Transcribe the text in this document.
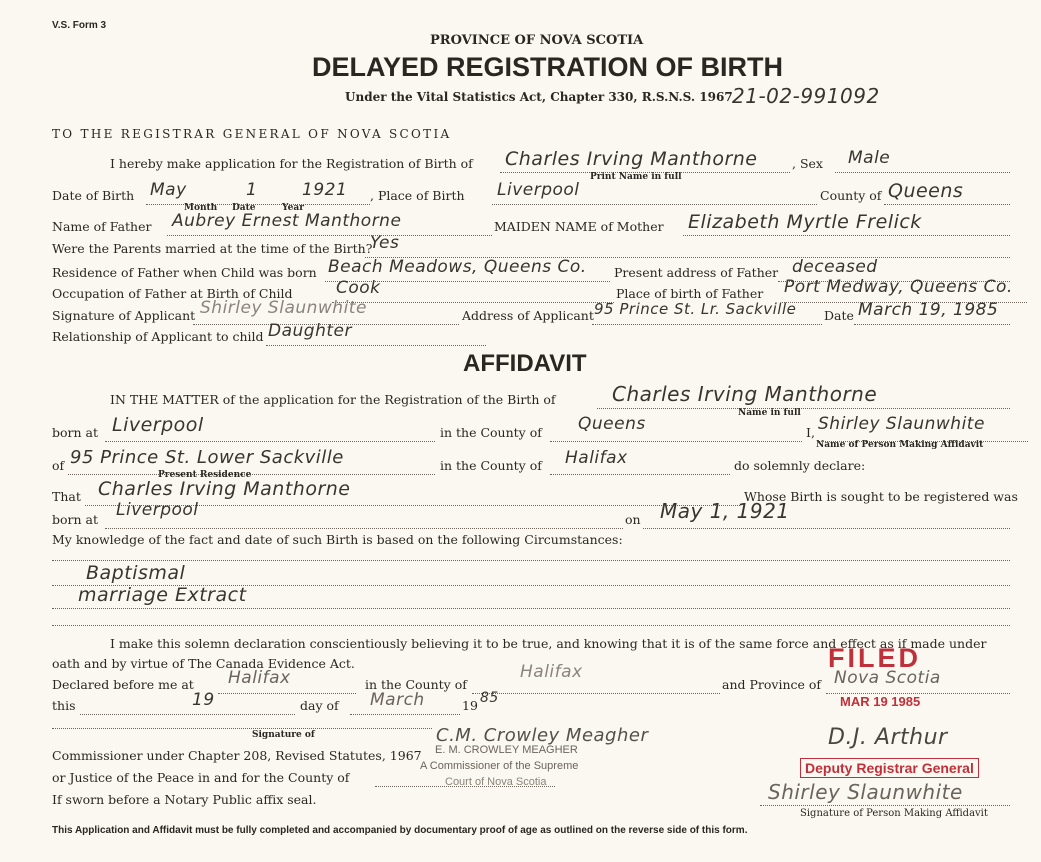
V.S. Form 3
PROVINCE OF NOVA SCOTIA
DELAYED REGISTRATION OF BIRTH
Under the Vital Statistics Act, Chapter 330, R.S.N.S. 1967 21-02-991092
TO THE REGISTRAR GENERAL OF NOVA SCOTIA
I hereby make application for the Registration of Birth of Charles Irving Manthorne
Print Name in full
, Sex Male
Date of Birth May	1	1921
Month Date	Year
, Place of Birth Liverpool	County of Queens
Name of Father Aubrey Ernest Manthorne	MAIDEN NAME of Mother Elizabeth Myrtle Frelick
Were the Parents married at the time of the Birth?
Yes
Residence of Father when Child was born Beach Meadows, Queens Co. Present address of Father deceased
Occupation of Father at Birth of Child	Cook	Place of birth of Father Port Medway, Queens Co.
Signature of Applicant Shirley Slaunwhite	Address of Applicant 95 Prince St. Lr. Sackville Date March 19, 1985
Relationship of Applicant to child Daughter
AFFIDAVIT
IN THE MATTER of the application for the Registration of the Birth of	Charles Irving Manthorne
Name in full
born at Liverpool	in the County of Queens	I, Shirley Slaunwhite
Name of Person Making Affidavit
of 95 Prince St. Lower Sackville
Present Residence
in the County of Halifax	do solemnly declare:
That Charles Irving Manthorne	Whose Birth is sought to be registered was
born at Liverpool	on May 1, 1921
My knowledge of the fact and date of such Birth is based on the following Circumstances:
Baptismal
marriage Extract
I make this solemn declaration conscientiously believing it to be true, and knowing that it is of the same force and effect as if made under
oath and by virtue of The Canada Evidence Act.
Declared before me at Halifax	in the County of
Halifax
and Province of Nova Scotia
this	19	day of March	19 85
Signature of
Commissioner under Chapter 208, Revised Statutes, 1967
or Justice of the Peace in and for the County of
If sworn before a Notary Public affix seal.
C.M. Crowley Meagher
E. M. CROWLEY MEAGHER
A Commissioner of the Supreme
Court of Nova Scotia
FILED
MAR 19 1985
D.J. Arthur
Deputy Registrar General
Shirley Slaunwhite
Signature of Person Making Affidavit
This Application and Affidavit must be fully completed and accompanied by documentary proof of age as outlined on the reverse side of this form.
